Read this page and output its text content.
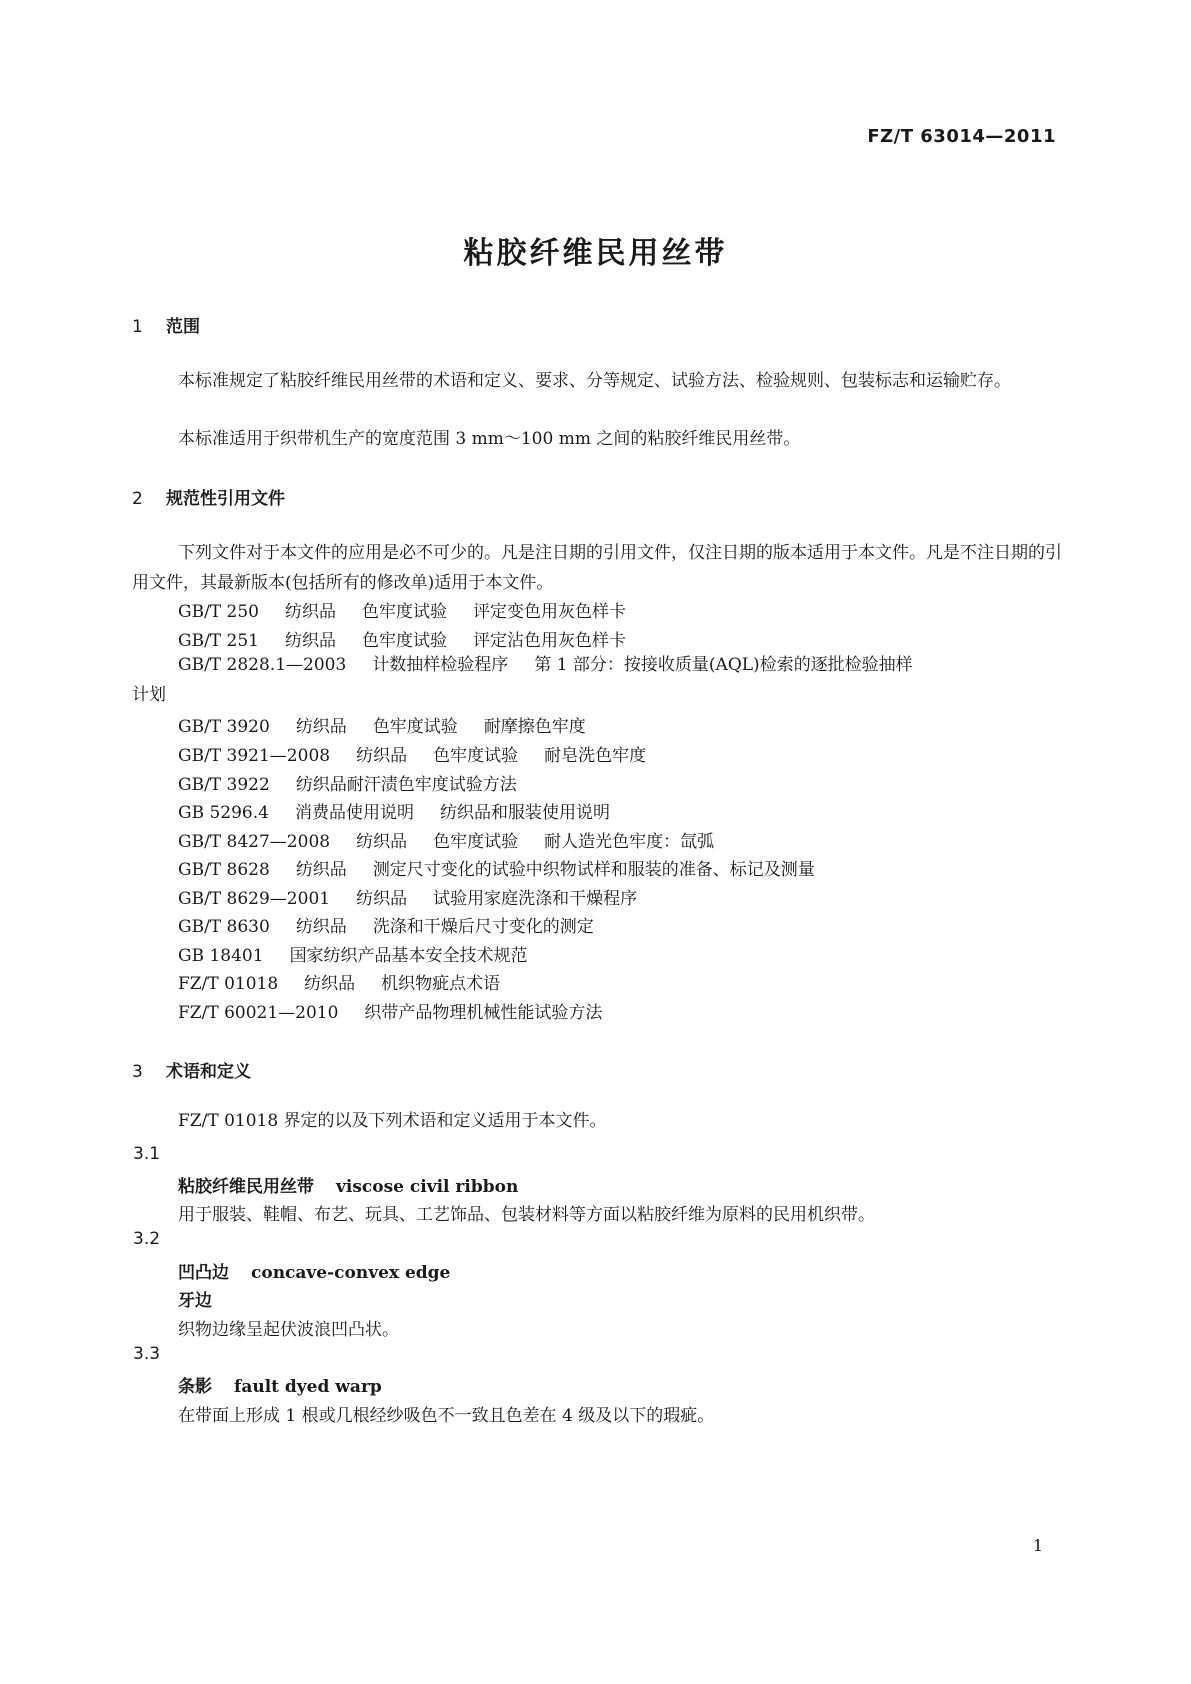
FZ/T 63014—2011
粘胶纤维民用丝带
1 范围
本标准规定了粘胶纤维民用丝带的术语和定义、要求、分等规定、试验方法、检验规则、包装标志和运输贮存。
本标准适用于织带机生产的宽度范围 3 mm～100 mm 之间的粘胶纤维民用丝带。
2 规范性引用文件
下列文件对于本文件的应用是必不可少的。凡是注日期的引用文件，仅注日期的版本适用于本文件。凡是不注日期的引用文件，其最新版本(包括所有的修改单)适用于本文件。
GB/T 250 纺织品 色牢度试验 评定变色用灰色样卡
GB/T 251 纺织品 色牢度试验 评定沾色用灰色样卡
GB/T 2828.1—2003 计数抽样检验程序 第 1 部分：按接收质量(AQL)检索的逐批检验抽样
计划
GB/T 3920 纺织品 色牢度试验 耐摩擦色牢度
GB/T 3921—2008 纺织品 色牢度试验 耐皂洗色牢度
GB/T 3922 纺织品耐汗渍色牢度试验方法
GB 5296.4 消费品使用说明 纺织品和服装使用说明
GB/T 8427—2008 纺织品 色牢度试验 耐人造光色牢度：氙弧
GB/T 8628 纺织品 测定尺寸变化的试验中织物试样和服装的准备、标记及测量
GB/T 8629—2001 纺织品 试验用家庭洗涤和干燥程序
GB/T 8630 纺织品 洗涤和干燥后尺寸变化的测定
GB 18401 国家纺织产品基本安全技术规范
FZ/T 01018 纺织品 机织物疵点术语
FZ/T 60021—2010 织带产品物理机械性能试验方法
3 术语和定义
FZ/T 01018 界定的以及下列术语和定义适用于本文件。
3.1
粘胶纤维民用丝带 viscose civil ribbon
用于服装、鞋帽、布艺、玩具、工艺饰品、包装材料等方面以粘胶纤维为原料的民用机织带。
3.2
凹凸边 concave-convex edge
牙边
织物边缘呈起伏波浪凹凸状。
3.3
条影 fault dyed warp
在带面上形成 1 根或几根经纱吸色不一致且色差在 4 级及以下的瑕疵。
1
